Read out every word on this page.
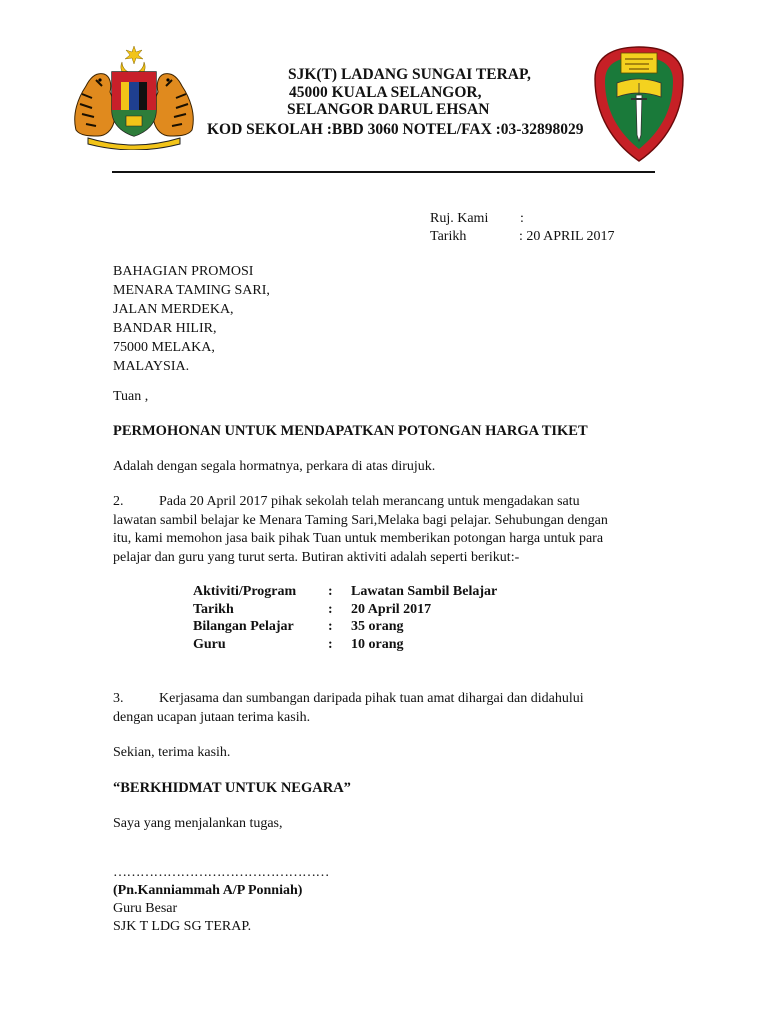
SJK(T) LADANG SUNGAI TERAP,
45000 KUALA SELANGOR,
SELANGOR DARUL EHSAN
KOD SEKOLAH :BBD 3060 NOTEL/FAX :03-32898029
Ruj. Kami :
Tarikh	: 20 APRIL 2017
BAHAGIAN PROMOSI
MENARA TAMING SARI,
JALAN MERDEKA,
BANDAR HILIR,
75000 MELAKA,
MALAYSIA.
Tuan ,
PERMOHONAN UNTUK MENDAPATKAN POTONGAN HARGA TIKET
Adalah dengan segala hormatnya, perkara di atas dirujuk.
2.	Pada 20 April 2017 pihak sekolah telah merancang untuk mengadakan satu
lawatan sambil belajar ke Menara Taming Sari,Melaka bagi pelajar. Sehubungan dengan
itu, kami memohon jasa baik pihak Tuan untuk memberikan potongan harga untuk para
pelajar dan guru yang turut serta. Butiran aktiviti adalah seperti berikut:-
Aktiviti/Program	:	Lawatan Sambil Belajar
Tarikh	:	20 April 2017
Bilangan Pelajar	:	35 orang
Guru	:	10 orang
3.	Kerjasama dan sumbangan daripada pihak tuan amat dihargai dan didahului
dengan ucapan jutaan terima kasih.
Sekian, terima kasih.
“BERKHIDMAT UNTUK NEGARA”
Saya yang menjalankan tugas,
…………………………………………
(Pn.Kanniammah A/P Ponniah)
Guru Besar
SJK T LDG SG TERAP.
